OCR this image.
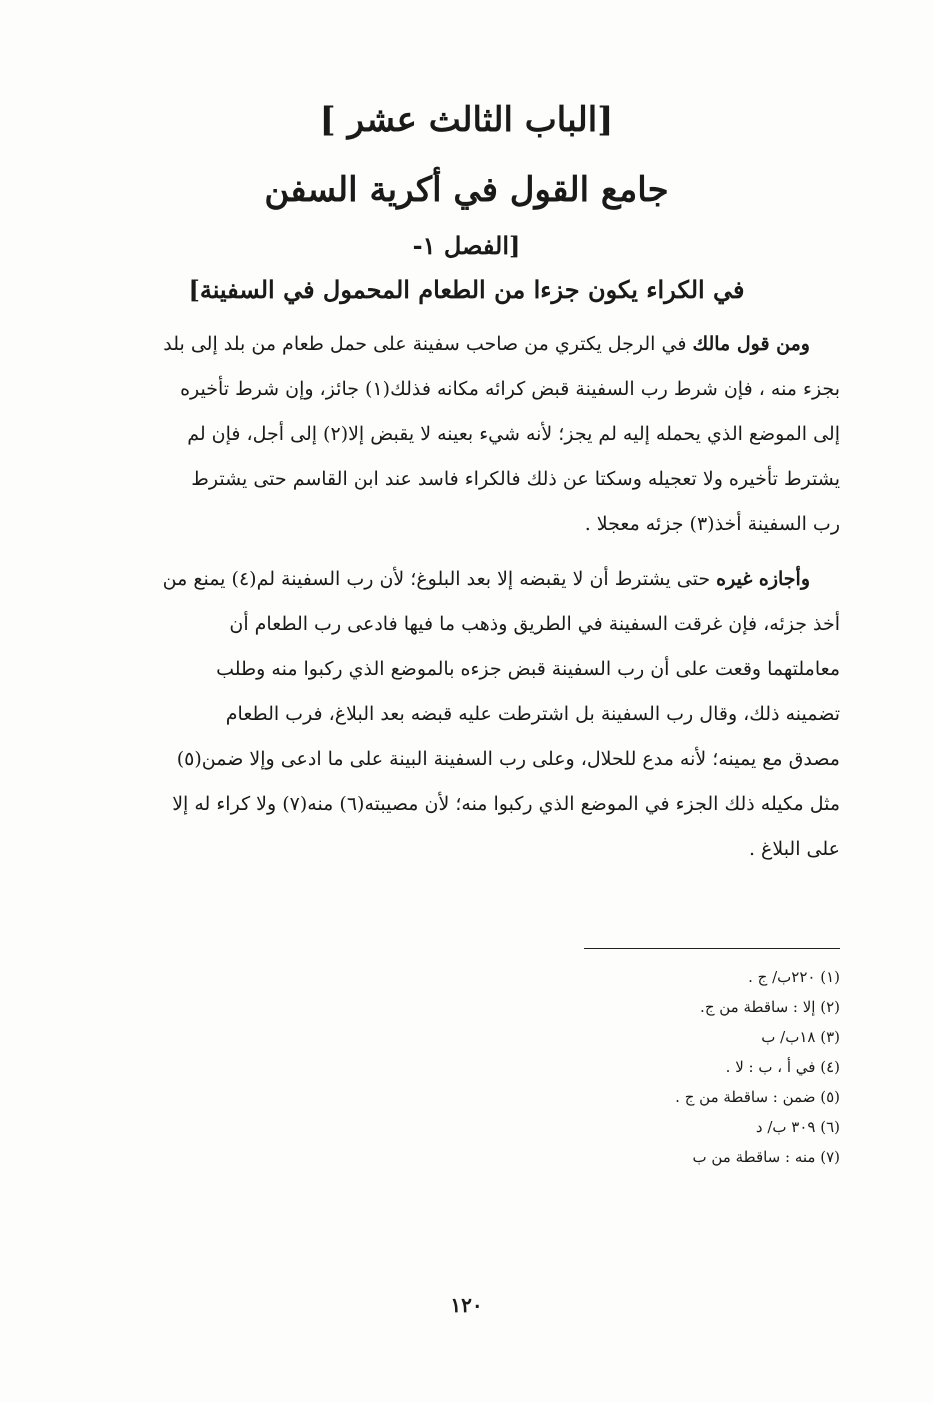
[الباب الثالث عشر ]
جامع القول في أكرية السفن
[الفصل ١-
في الكراء يكون جزءا من الطعام المحمول في السفينة]
ومن قول مالك في الرجل يكتري من صاحب سفينة على حمل طعام من بلد إلى بلد
بجزء منه ، فإن شرط رب السفينة قبض كرائه مكانه فذلك(١) جائز، وإن شرط تأخيره
إلى الموضع الذي يحمله إليه لم يجز؛ لأنه شيء بعينه لا يقبض إلا(٢) إلى أجل، فإن لم
يشترط تأخيره ولا تعجيله وسكتا عن ذلك فالكراء فاسد عند ابن القاسم حتى يشترط
رب السفينة أخذ(٣) جزئه معجلا .
وأجازه غيره حتى يشترط أن لا يقبضه إلا بعد البلوغ؛ لأن رب السفينة لم(٤) يمنع من
أخذ جزئه، فإن غرقت السفينة في الطريق وذهب ما فيها فادعى رب الطعام أن
معاملتهما وقعت على أن رب السفينة قبض جزءه بالموضع الذي ركبوا منه وطلب
تضمينه ذلك، وقال رب السفينة بل اشترطت عليه قبضه بعد البلاغ، فرب الطعام
مصدق مع يمينه؛ لأنه مدع للحلال، وعلى رب السفينة البينة على ما ادعى وإلا ضمن(٥)
مثل مكيله ذلك الجزء في الموضع الذي ركبوا منه؛ لأن مصيبته(٦) منه(٧) ولا كراء له إلا
على البلاغ .
(١) ٢٢٠ب/ ج .
(٢) إلا : ساقطة من ج.
(٣) ١٨ب/ ب
(٤) في أ ، ب : لا .
(٥) ضمن : ساقطة من ج .
(٦) ٣٠٩ ب/ د
(٧) منه : ساقطة من ب
١٢٠
